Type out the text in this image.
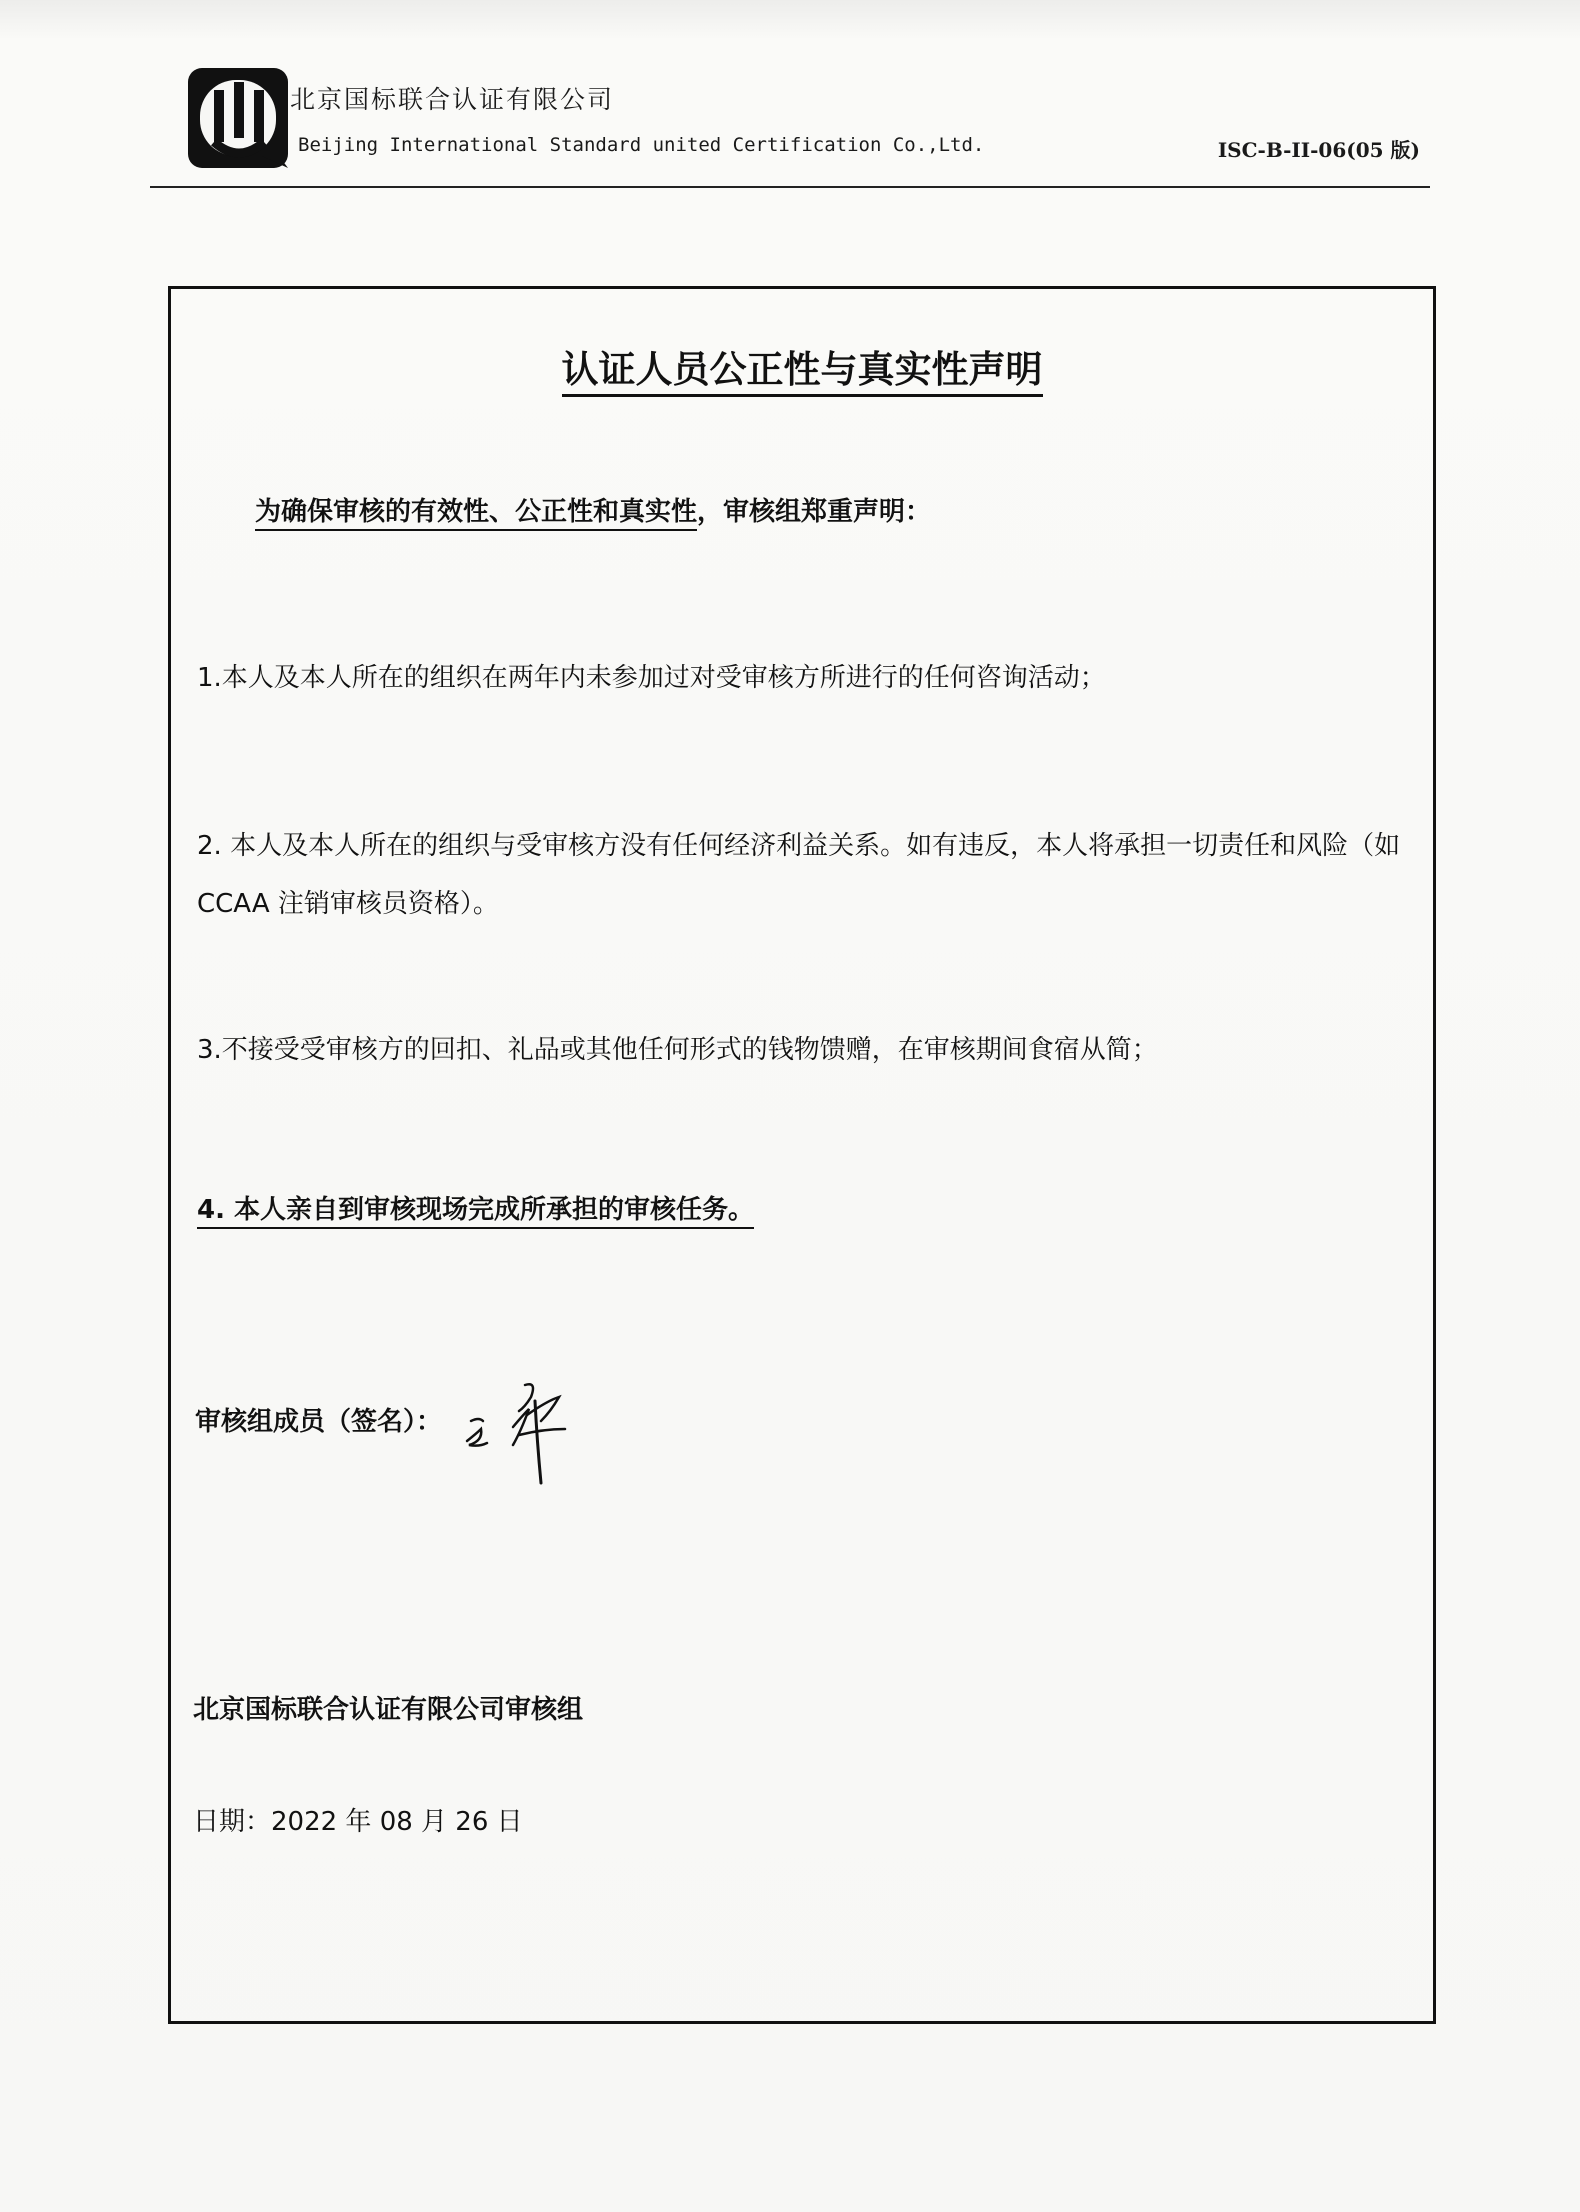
北京国标联合认证有限公司
Beijing International Standard united Certification Co.,Ltd.	ISC-B-II-06(05 版)
认证人员公正性与真实性声明
为确保审核的有效性、公正性和真实性，审核组郑重声明：
1.本人及本人所在的组织在两年内未参加过对受审核方所进行的任何咨询活动；
2. 本人及本人所在的组织与受审核方没有任何经济利益关系。如有违反，本人将承担一切责任和风险（如 CCAA 注销审核员资格）。
3.不接受受审核方的回扣、礼品或其他任何形式的钱物馈赠，在审核期间食宿从简；
4. 本人亲自到审核现场完成所承担的审核任务。
审核组成员（签名）：
北京国标联合认证有限公司审核组
日期：2022 年 08 月 26 日
